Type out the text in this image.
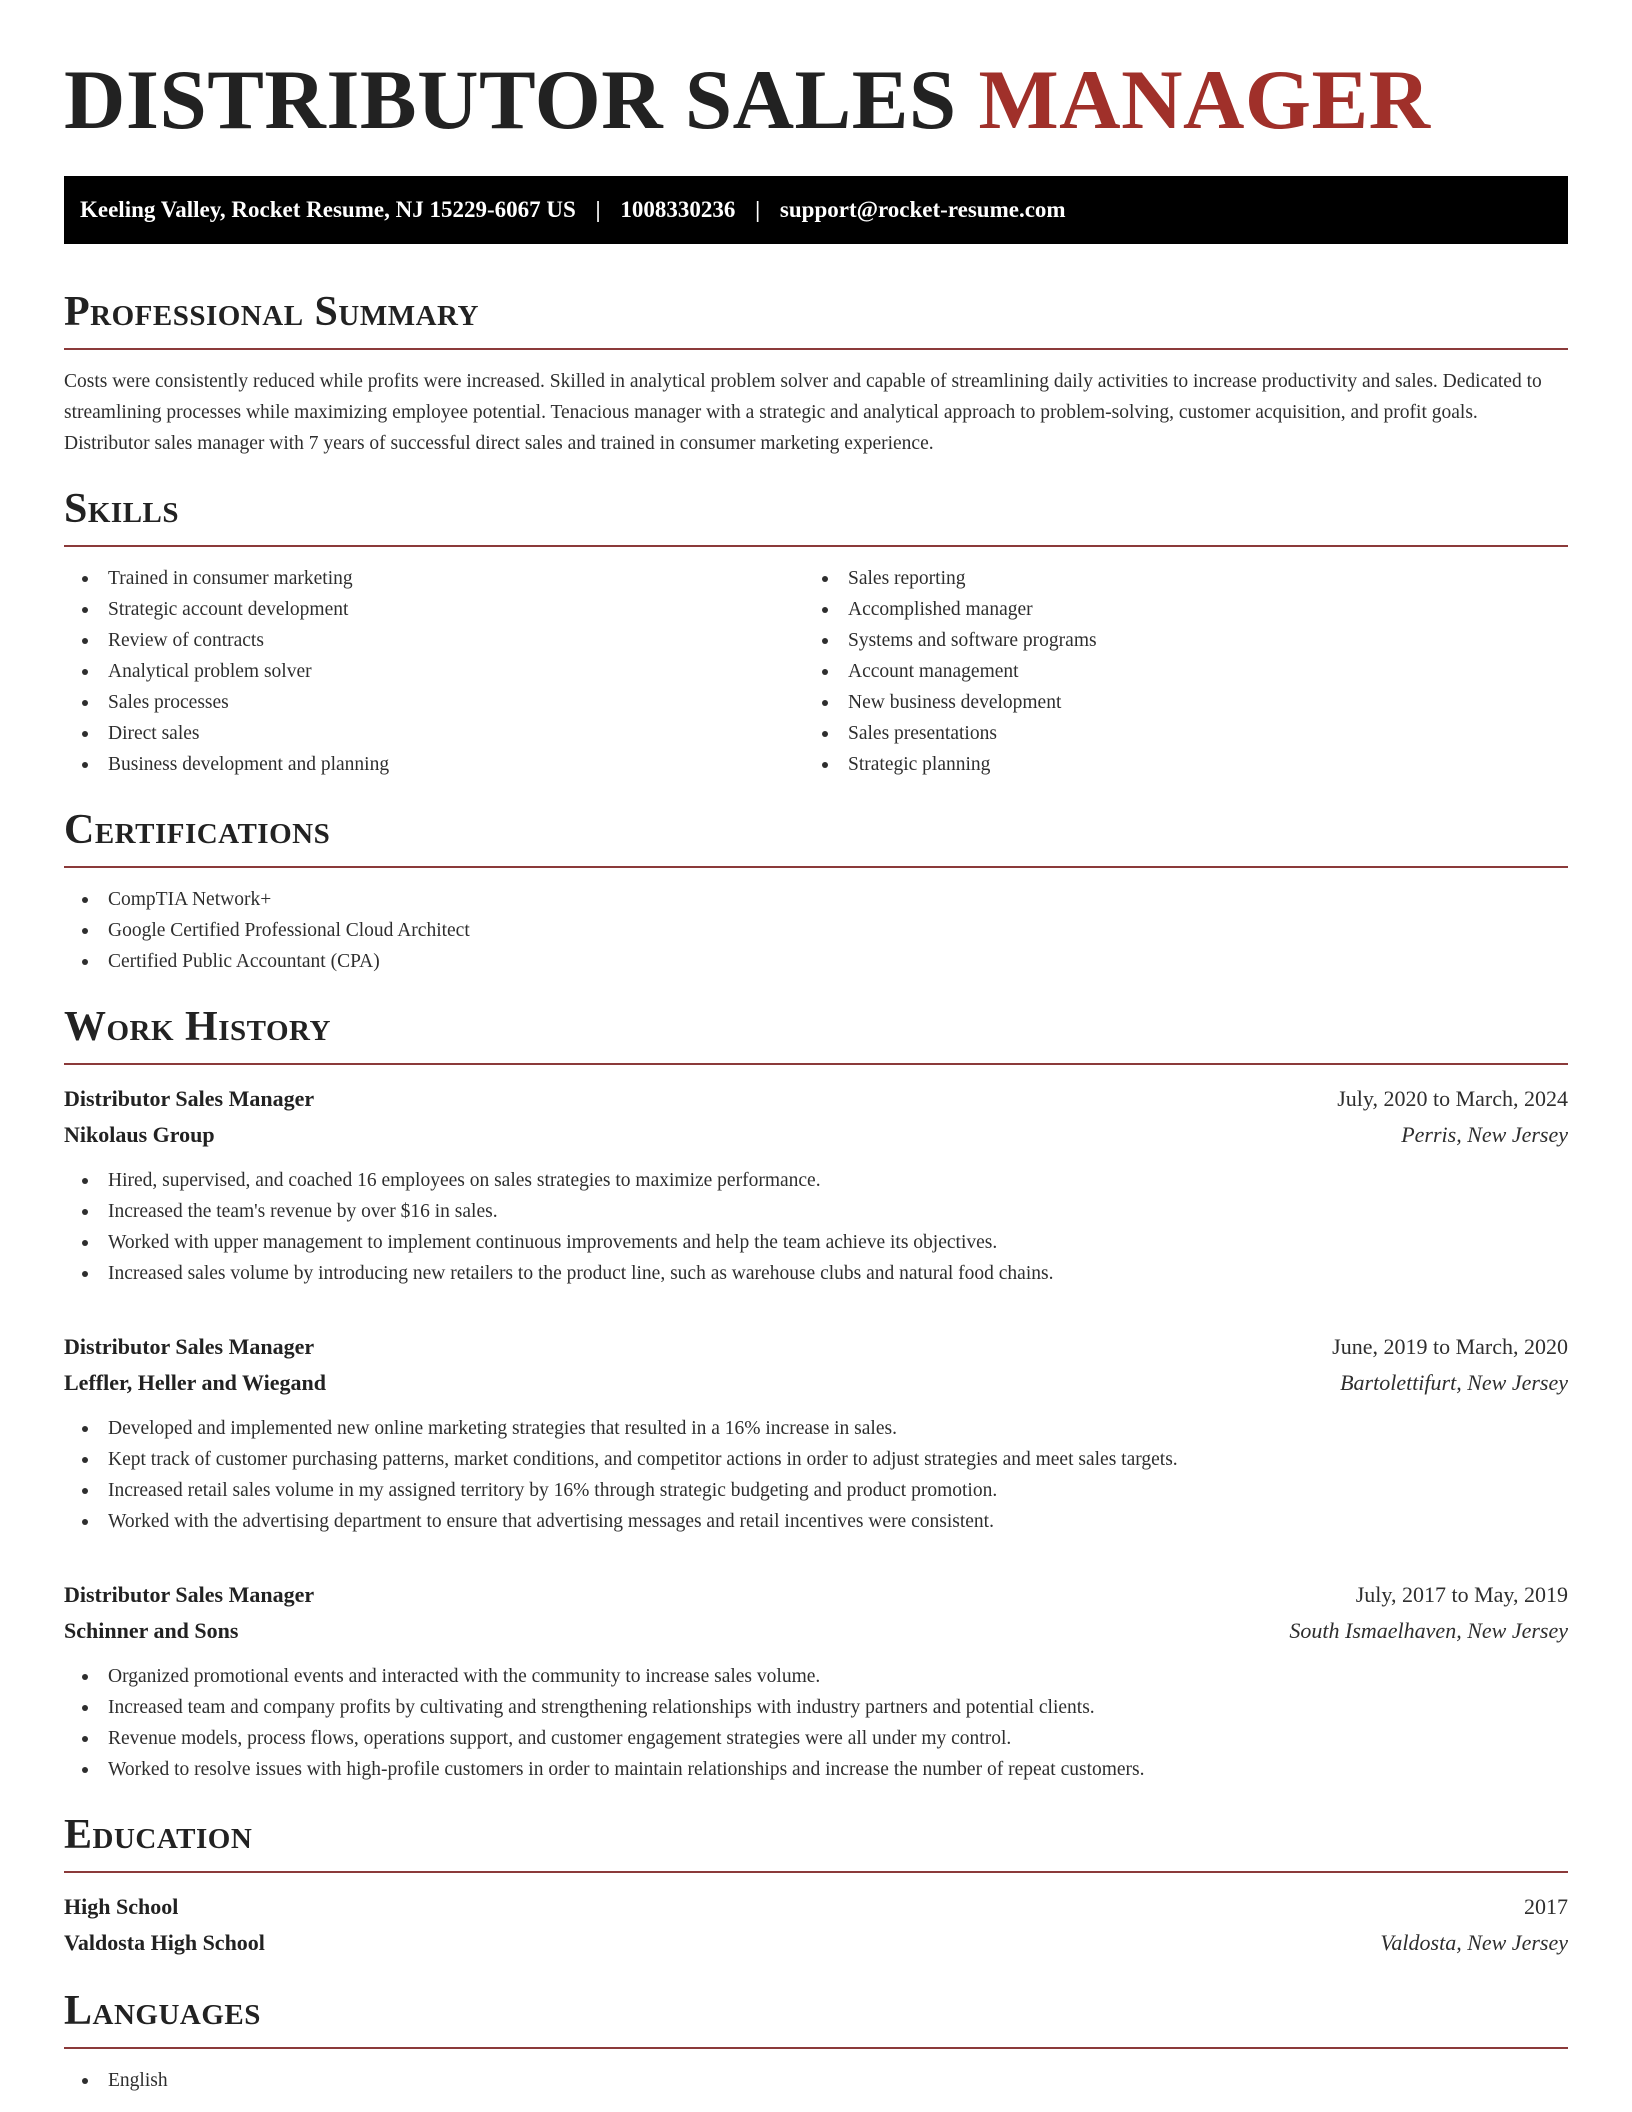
DISTRIBUTOR SALES MANAGER
Keeling Valley, Rocket Resume, NJ 15229-6067 US | 1008330236 | support@rocket-resume.com
Professional Summary
Costs were consistently reduced while profits were increased. Skilled in analytical problem solver and capable of streamlining daily activities to increase productivity and sales. Dedicated to streamlining processes while maximizing employee potential. Tenacious manager with a strategic and analytical approach to problem-solving, customer acquisition, and profit goals. Distributor sales manager with 7 years of successful direct sales and trained in consumer marketing experience.
Skills
Trained in consumer marketing
Strategic account development
Review of contracts
Analytical problem solver
Sales processes
Direct sales
Business development and planning
Sales reporting
Accomplished manager
Systems and software programs
Account management
New business development
Sales presentations
Strategic planning
Certifications
CompTIA Network+
Google Certified Professional Cloud Architect
Certified Public Accountant (CPA)
Work History
Distributor Sales Manager	July, 2020 to March, 2024
Nikolaus Group	Perris, New Jersey
Hired, supervised, and coached 16 employees on sales strategies to maximize performance.
Increased the team's revenue by over $16 in sales.
Worked with upper management to implement continuous improvements and help the team achieve its objectives.
Increased sales volume by introducing new retailers to the product line, such as warehouse clubs and natural food chains.
Distributor Sales Manager	June, 2019 to March, 2020
Leffler, Heller and Wiegand	Bartolettifurt, New Jersey
Developed and implemented new online marketing strategies that resulted in a 16% increase in sales.
Kept track of customer purchasing patterns, market conditions, and competitor actions in order to adjust strategies and meet sales targets.
Increased retail sales volume in my assigned territory by 16% through strategic budgeting and product promotion.
Worked with the advertising department to ensure that advertising messages and retail incentives were consistent.
Distributor Sales Manager	July, 2017 to May, 2019
Schinner and Sons	South Ismaelhaven, New Jersey
Organized promotional events and interacted with the community to increase sales volume.
Increased team and company profits by cultivating and strengthening relationships with industry partners and potential clients.
Revenue models, process flows, operations support, and customer engagement strategies were all under my control.
Worked to resolve issues with high-profile customers in order to maintain relationships and increase the number of repeat customers.
Education
High School	2017
Valdosta High School	Valdosta, New Jersey
Languages
English
